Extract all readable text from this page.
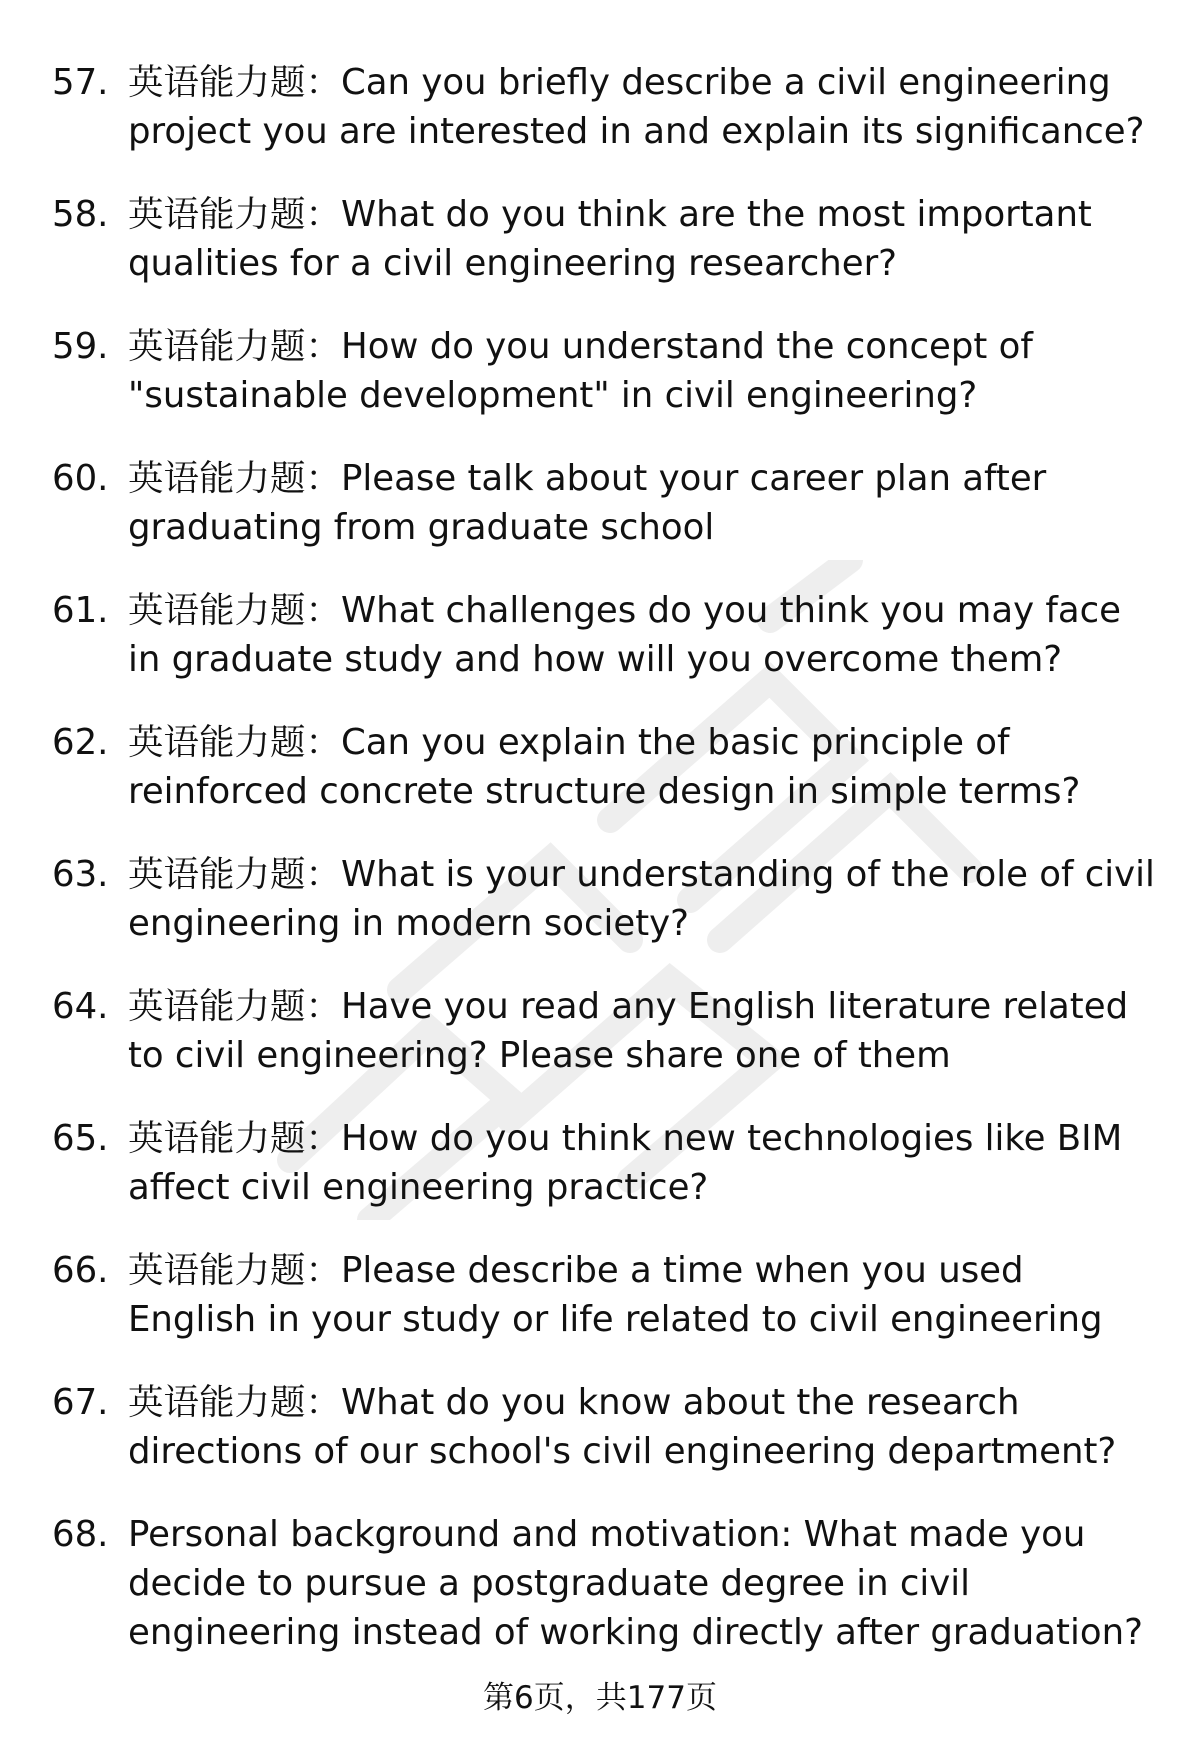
57. 英语能力题：Can you briefly describe a civil engineering project you are interested in and explain its significance?
58. 英语能力题：What do you think are the most important qualities for a civil engineering researcher?
59. 英语能力题：How do you understand the concept of "sustainable development" in civil engineering?
60. 英语能力题：Please talk about your career plan after graduating from graduate school
61. 英语能力题：What challenges do you think you may face in graduate study and how will you overcome them?
62. 英语能力题：Can you explain the basic principle of reinforced concrete structure design in simple terms?
63. 英语能力题：What is your understanding of the role of civil engineering in modern society?
64. 英语能力题：Have you read any English literature related to civil engineering? Please share one of them
65. 英语能力题：How do you think new technologies like BIM affect civil engineering practice?
66. 英语能力题：Please describe a time when you used English in your study or life related to civil engineering
67. 英语能力题：What do you know about the research directions of our school's civil engineering department?
68. Personal background and motivation: What made you decide to pursue a postgraduate degree in civil engineering instead of working directly after graduation?
第6页，共177页
